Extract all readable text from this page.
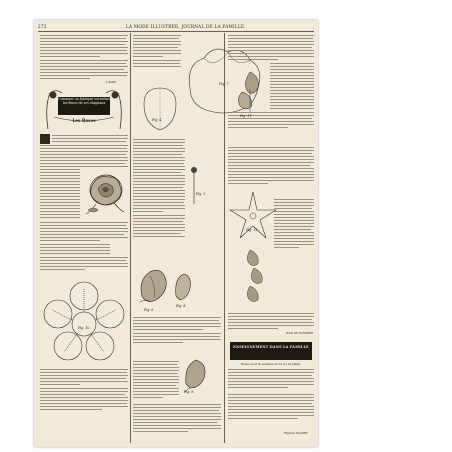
272	LA MODE ILLUSTRÉE, JOURNAL DE LA FAMILLE.
L'AMIE
Comment on fabrique soi-même les fleurs de ses chapeaux
Les Roses
Fig. 10.
Fig. 7.
Fig. 4.
Fig. 5.
Fig. 6.
Fig. 8.
Fig. 9.
Fig. 11.
Fig. 12.
JEAN DE FLEURIER
ENSEIGNEMENT DANS LA FAMILLE
Revue pour la semaine du 10 au 16 juillet.
Frédéric BAUDRY
